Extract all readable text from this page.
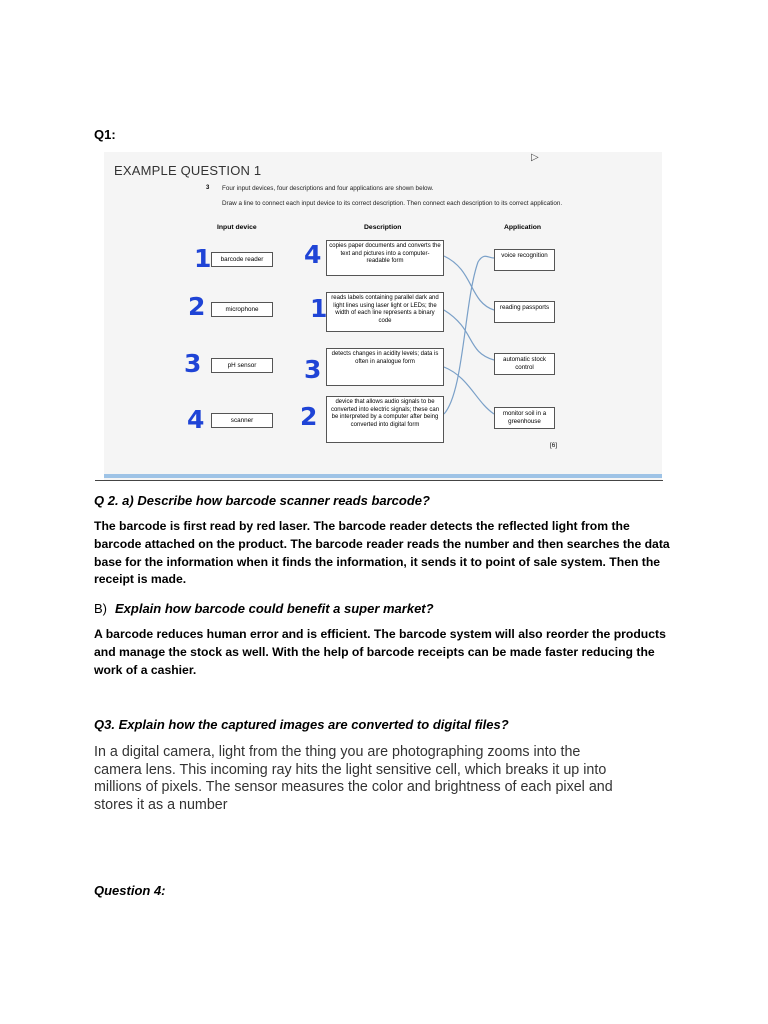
Q1:
▷
EXAMPLE QUESTION 1
3 Four input devices, four descriptions and four applications are shown below.
Draw a line to connect each input device to its correct description. Then connect each description to its correct application.
Input device	Description	Application
barcode reader
microphone
pH sensor
scanner
1
2
3
4
copies paper documents and converts the text and pictures into a computer-readable form
reads labels containing parallel dark and light lines using laser light or LEDs; the width of each line represents a binary code
detects changes in acidity levels; data is often in analogue form
device that allows audio signals to be converted into electric signals; these can be interpreted by a computer after being converted into digital form
4
1
3
2
voice recognition
reading passports
automatic stock control
monitor soil in a greenhouse
[6]
Q 2. a) Describe how barcode scanner reads barcode?
The barcode is first read by red laser. The barcode reader detects the reflected light from the
barcode attached on the product. The barcode reader reads the number and then searches the data
base for the information when it finds the information, it sends it to point of sale system. Then the
receipt is made.
B) Explain how barcode could benefit a super market?
A barcode reduces human error and is efficient. The barcode system will also reorder the products
and manage the stock as well. With the help of barcode receipts can be made faster reducing the
work of a cashier.
Q3. Explain how the captured images are converted to digital files?
In a digital camera, light from the thing you are photographing zooms into the
camera lens. This incoming ray hits the light sensitive cell, which breaks it up into
millions of pixels. The sensor measures the color and brightness of each pixel and
stores it as a number
Question 4:
